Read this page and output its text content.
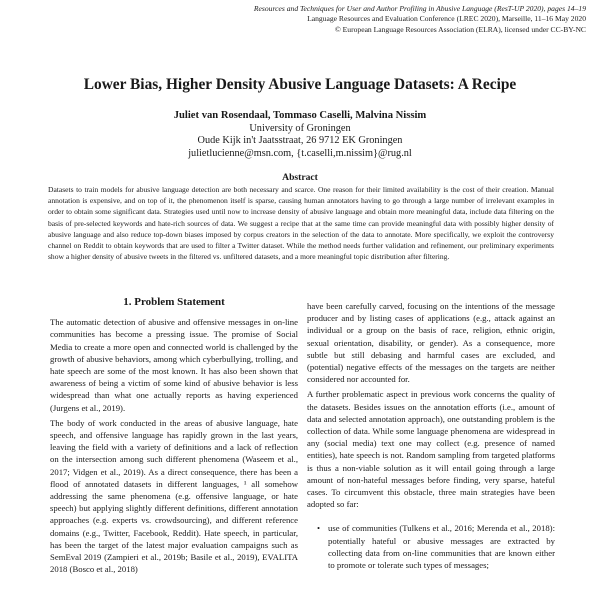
Resources and Techniques for User and Author Profiling in Abusive Language (ResT-UP 2020), pages 14–19
Language Resources and Evaluation Conference (LREC 2020), Marseille, 11–16 May 2020
© European Language Resources Association (ELRA), licensed under CC-BY-NC
Lower Bias, Higher Density Abusive Language Datasets: A Recipe
Juliet van Rosendaal, Tommaso Caselli, Malvina Nissim
University of Groningen
Oude Kijk in't Jaatsstraat, 26 9712 EK Groningen
julietlucienne@msn.com, {t.caselli,m.nissim}@rug.nl
Abstract
Datasets to train models for abusive language detection are both necessary and scarce. One reason for their limited availability is the cost of their creation. Manual annotation is expensive, and on top of it, the phenomenon itself is sparse, causing human annotators having to go through a large number of irrelevant examples in order to obtain some significant data. Strategies used until now to increase density of abusive language and obtain more meaningful data, include data filtering on the basis of pre-selected keywords and hate-rich sources of data. We suggest a recipe that at the same time can provide meaningful data with possibly higher density of abusive language and also reduce top-down biases imposed by corpus creators in the selection of the data to annotate. More specifically, we exploit the controversy channel on Reddit to obtain keywords that are used to filter a Twitter dataset. While the method needs further validation and refinement, our preliminary experiments show a higher density of abusive tweets in the filtered vs. unfiltered datasets, and a more meaningful topic distribution after filtering.
1. Problem Statement

The automatic detection of abusive and offensive messages in on-line communities has become a pressing issue. The promise of Social Media to create a more open and connected world is challenged by the growth of abusive behaviors, among which cyberbullying, trolling, and hate speech are some of the most known. It has also been shown that awareness of being a victim of some kind of abusive behavior is less widespread than what one actually reports as having experienced (Jurgens et al., 2019).

The body of work conducted in the areas of abusive language, hate speech, and offensive language has rapidly grown in the last years, leaving the field with a variety of definitions and a lack of reflection on the intersection among such different phenomena (Waseem et al., 2017; Vidgen et al., 2019). As a direct consequence, there has been a flood of annotated datasets in different languages, ¹ all somehow addressing the same phenomena (e.g. offensive language, or hate speech) but applying slightly different definitions, different annotation approaches (e.g. experts vs. crowdsourcing), and different reference domains (e.g., Twitter, Facebook, Reddit). Hate speech, in particular, has been the target of the latest major evaluation campaigns such as SemEval 2019 (Zampieri et al., 2019b; Basile et al., 2019), EVALITA 2018 (Bosco et al., 2018)

have been carefully carved, focusing on the intentions of the message producer and by listing cases of applications (e.g., attack against an individual or a group on the basis of race, religion, ethnic origin, sexual orientation, disability, or gender). As a consequence, more subtle but still debasing and harmful cases are excluded, and (potential) negative effects of the messages on the targets are neither considered nor accounted for.

A further problematic aspect in previous work concerns the quality of the datasets. Besides issues on the annotation efforts (i.e., amount of data and selected annotation approach), one outstanding problem is the collection of data. While some language phenomena are widespread in any (social media) text one may collect (e.g. presence of named entities), hate speech is not. Random sampling from targeted platforms is thus a non-viable solution as it will entail going through a large amount of non-hateful messages before finding, very sparse, hateful cases. To circumvent this obstacle, three main strategies have been adopted so far:

• use of communities (Tulkens et al., 2016; Merenda et al., 2018): potentially hateful or abusive messages are extracted by collecting data from on-line communities that are known either to promote or tolerate such types of messages;
